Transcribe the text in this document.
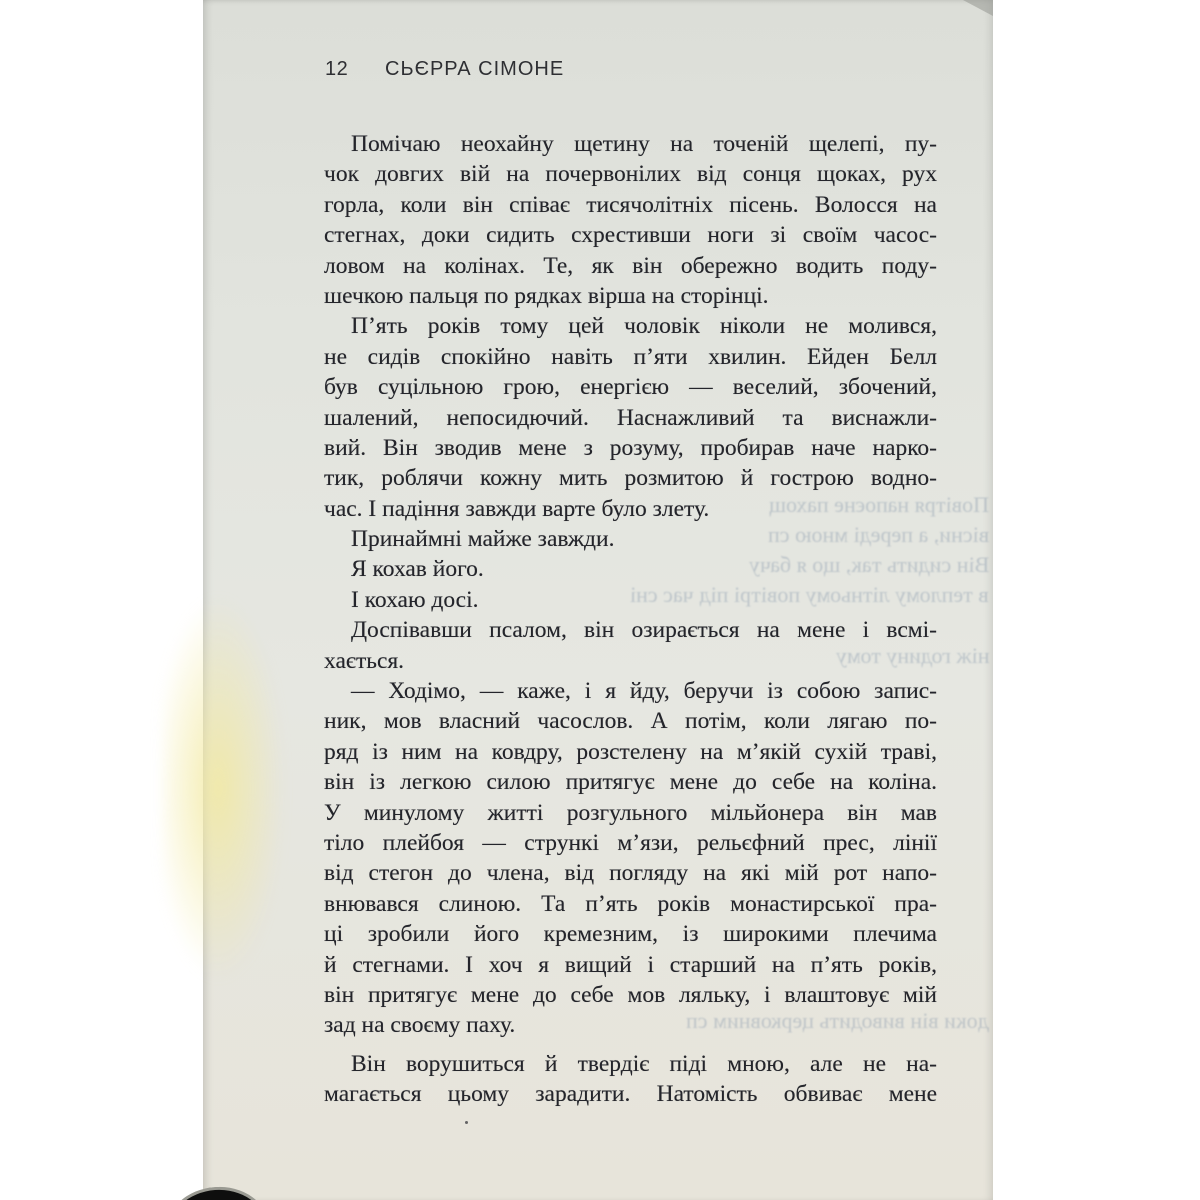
12 СЬЄРРА СІМОНЕ
Помічаю неохайну щетину на точеній щелепі, пу-
чок довгих вій на почервонілих від сонця щоках, рух
горла, коли він співає тисячолітніх пісень. Волосся на
стегнах, доки сидить схрестивши ноги зі своїм часос-
ловом на колінах. Те, як він обережно водить поду-
шечкою пальця по рядках вірша на сторінці.
П’ять років тому цей чоловік ніколи не молився,
не сидів спокійно навіть п’яти хвилин. Ейден Белл
був суцільною грою, енергією — веселий, збочений,
шалений, непосидючий. Наснажливий та виснажли-
вий. Він зводив мене з розуму, пробирав наче нарко-
тик, роблячи кожну мить розмитою й гострою водно-
час. І падіння завжди варте було злету.
Принаймні майже завжди.
Я кохав його.
І кохаю досі.
Доспівавши псалом, він озирається на мене і всмі-
хається.
— Ходімо, — каже, і я йду, беручи із собою запис-
ник, мов власний часослов. А потім, коли лягаю по-
ряд із ним на ковдру, розстелену на м’якій сухій траві,
він із легкою силою притягує мене до себе на коліна.
У минулому житті розгульного мільйонера він мав
тіло плейбоя — стрункі м’язи, рельєфний прес, лінії
від стегон до члена, від погляду на які мій рот напо-
внювався слиною. Та п’ять років монастирської пра-
ці зробили його кремезним, із широкими плечима
й стегнами. І хоч я вищий і старший на п’ять років,
він притягує мене до себе мов ляльку, і влаштовує мій
зад на своєму паху.
Він ворушиться й твердіє піді мною, але не на-
магається цьому зарадити. Натомість обвиває мене
Повітря напоєне пахощ
вісни, а переді мною сп
Він сидить так, що я бачу
в теплому літньому повітрі під час сні
ніж годину тому
доки він виводить церковним сп
